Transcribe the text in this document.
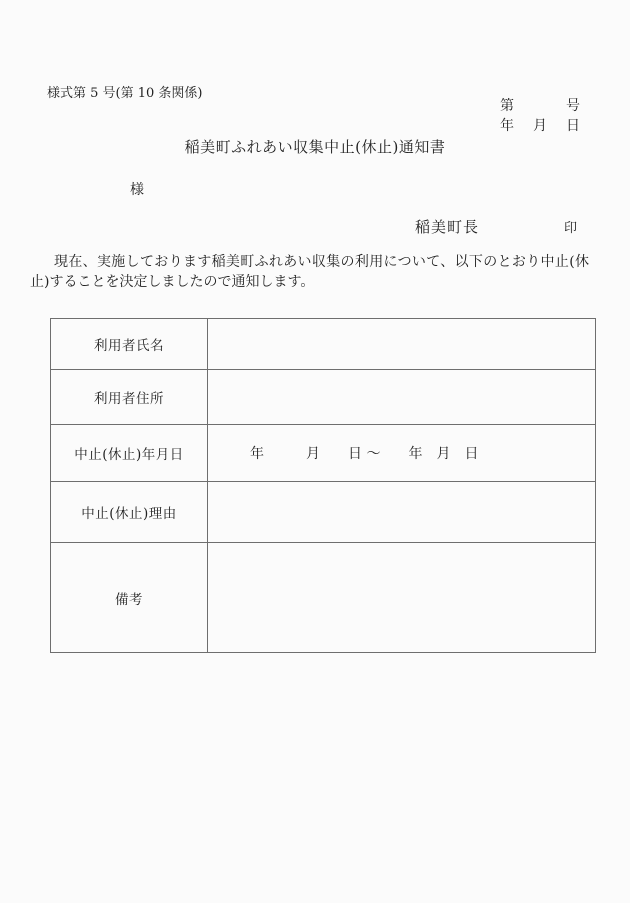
様式第 5 号(第 10 条関係)
第	号
年 月 日
稲美町ふれあい収集中止(休止)通知書
様
稲美町長	印

現在、実施しております稲美町ふれあい収集の利用について、以下のとおり中止(休止)することを決定しましたので通知します。

利用者氏名	
利用者住所	
中止(休止)年月日	年　　　月　　日 ～　　年　月　日
中止(休止)理由	
備考	
